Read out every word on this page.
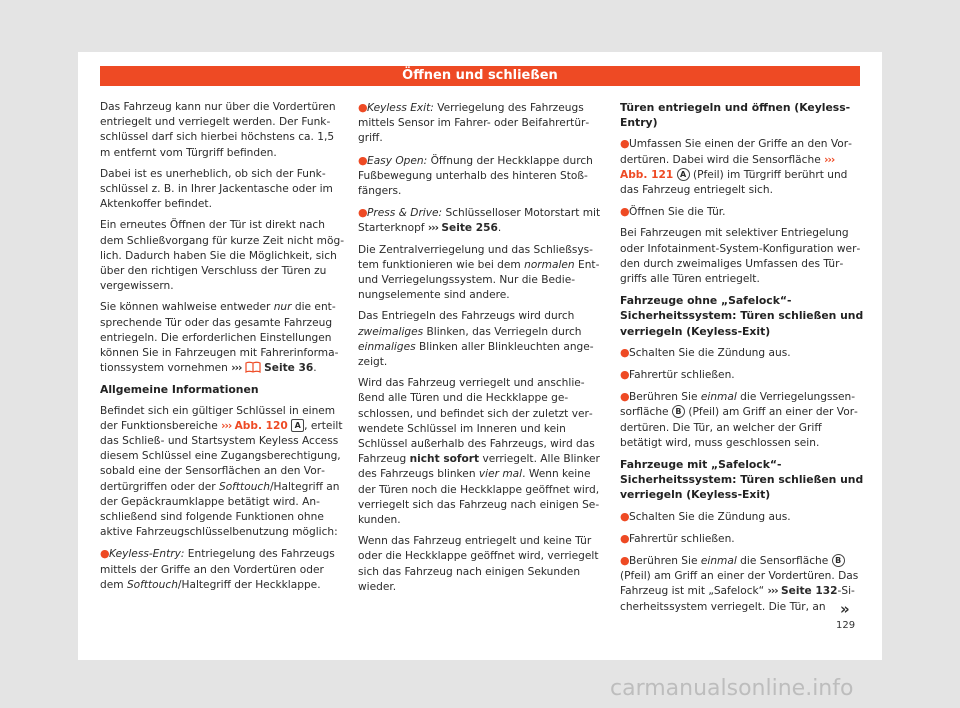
Öffnen und schließen

Das Fahrzeug kann nur über die Vordertüren entriegelt und verriegelt werden. Der Funkschlüssel darf sich hierbei höchstens ca. 1,5 m entfernt vom Türgriff befinden.

Dabei ist es unerheblich, ob sich der Funkschlüssel z. B. in Ihrer Jackentasche oder im Aktenkoffer befindet.

Ein erneutes Öffnen der Tür ist direkt nach dem Schließvorgang für kurze Zeit nicht möglich. Dadurch haben Sie die Möglichkeit, sich über den richtigen Verschluss der Türen zu vergewissern.

Sie können wahlweise entweder nur die entsprechende Tür oder das gesamte Fahrzeug entriegeln. Die erforderlichen Einstellungen können Sie in Fahrzeugen mit Fahrerinformationssystem vornehmen ››› Seite 36.

Allgemeine Informationen

Befindet sich ein gültiger Schlüssel in einem der Funktionsbereiche ››› Abb. 120 A , erteilt das Schließ- und Startsystem Keyless Access diesem Schlüssel eine Zugangsberechtigung, sobald eine der Sensorflächen an den Vordertürgriffen oder der Softtouch/Haltegriff an der Gepäckraumklappe betätigt wird. Anschließend sind folgende Funktionen ohne aktive Fahrzeugschlüsselbenutzung möglich:

●Keyless-Entry: Entriegelung des Fahrzeugs mittels der Griffe an den Vordertüren oder dem Softtouch/Haltegriff der Heckklappe.

●Keyless Exit: Verriegelung des Fahrzeugs mittels Sensor im Fahrer- oder Beifahrertürgriff.

●Easy Open: Öffnung der Heckklappe durch Fußbewegung unterhalb des hinteren Stoßfängers.

●Press & Drive: Schlüsselloser Motorstart mit Starterknopf ››› Seite 256.

Die Zentralverriegelung und das Schließsystem funktionieren wie bei dem normalen Ent- und Verriegelungssystem. Nur die Bedienungselemente sind andere.

Das Entriegeln des Fahrzeugs wird durch zweimaliges Blinken, das Verriegeln durch einmaliges Blinken aller Blinkleuchten angezeigt.

Wird das Fahrzeug verriegelt und anschließend alle Türen und die Heckklappe geschlossen, und befindet sich der zuletzt verwendete Schlüssel im Inneren und kein Schlüssel außerhalb des Fahrzeugs, wird das Fahrzeug nicht sofort verriegelt. Alle Blinker des Fahrzeugs blinken vier mal. Wenn keine der Türen noch die Heckklappe geöffnet wird, verriegelt sich das Fahrzeug nach einigen Sekunden.

Wenn das Fahrzeug entriegelt und keine Tür oder die Heckklappe geöffnet wird, verriegelt sich das Fahrzeug nach einigen Sekunden wieder.

Türen entriegeln und öffnen (Keyless-Entry)

●Umfassen Sie einen der Griffe an den Vordertüren. Dabei wird die Sensorfläche ››› Abb. 121 A (Pfeil) im Türgriff berührt und das Fahrzeug entriegelt sich.

●Öffnen Sie die Tür.

Bei Fahrzeugen mit selektiver Entriegelung oder Infotainment-System-Konfiguration werden durch zweimaliges Umfassen des Türgriffs alle Türen entriegelt.

Fahrzeuge ohne „Safelock“-Sicherheitssystem: Türen schließen und verriegeln (Keyless-Exit)

●Schalten Sie die Zündung aus.

●Fahrertür schließen.

●Berühren Sie einmal die Verriegelungssensorfläche B (Pfeil) am Griff an einer der Vordertüren. Die Tür, an welcher der Griff betätigt wird, muss geschlossen sein.

Fahrzeuge mit „Safelock“-Sicherheitssystem: Türen schließen und verriegeln (Keyless-Exit)

●Schalten Sie die Zündung aus.

●Fahrertür schließen.

●Berühren Sie einmal die Sensorfläche B (Pfeil) am Griff an einer der Vordertüren. Das Fahrzeug ist mit „Safelock“ ››› Seite 132-Sicherheitssystem verriegelt. Die Tür, an »
129
carmanualsonline.info
